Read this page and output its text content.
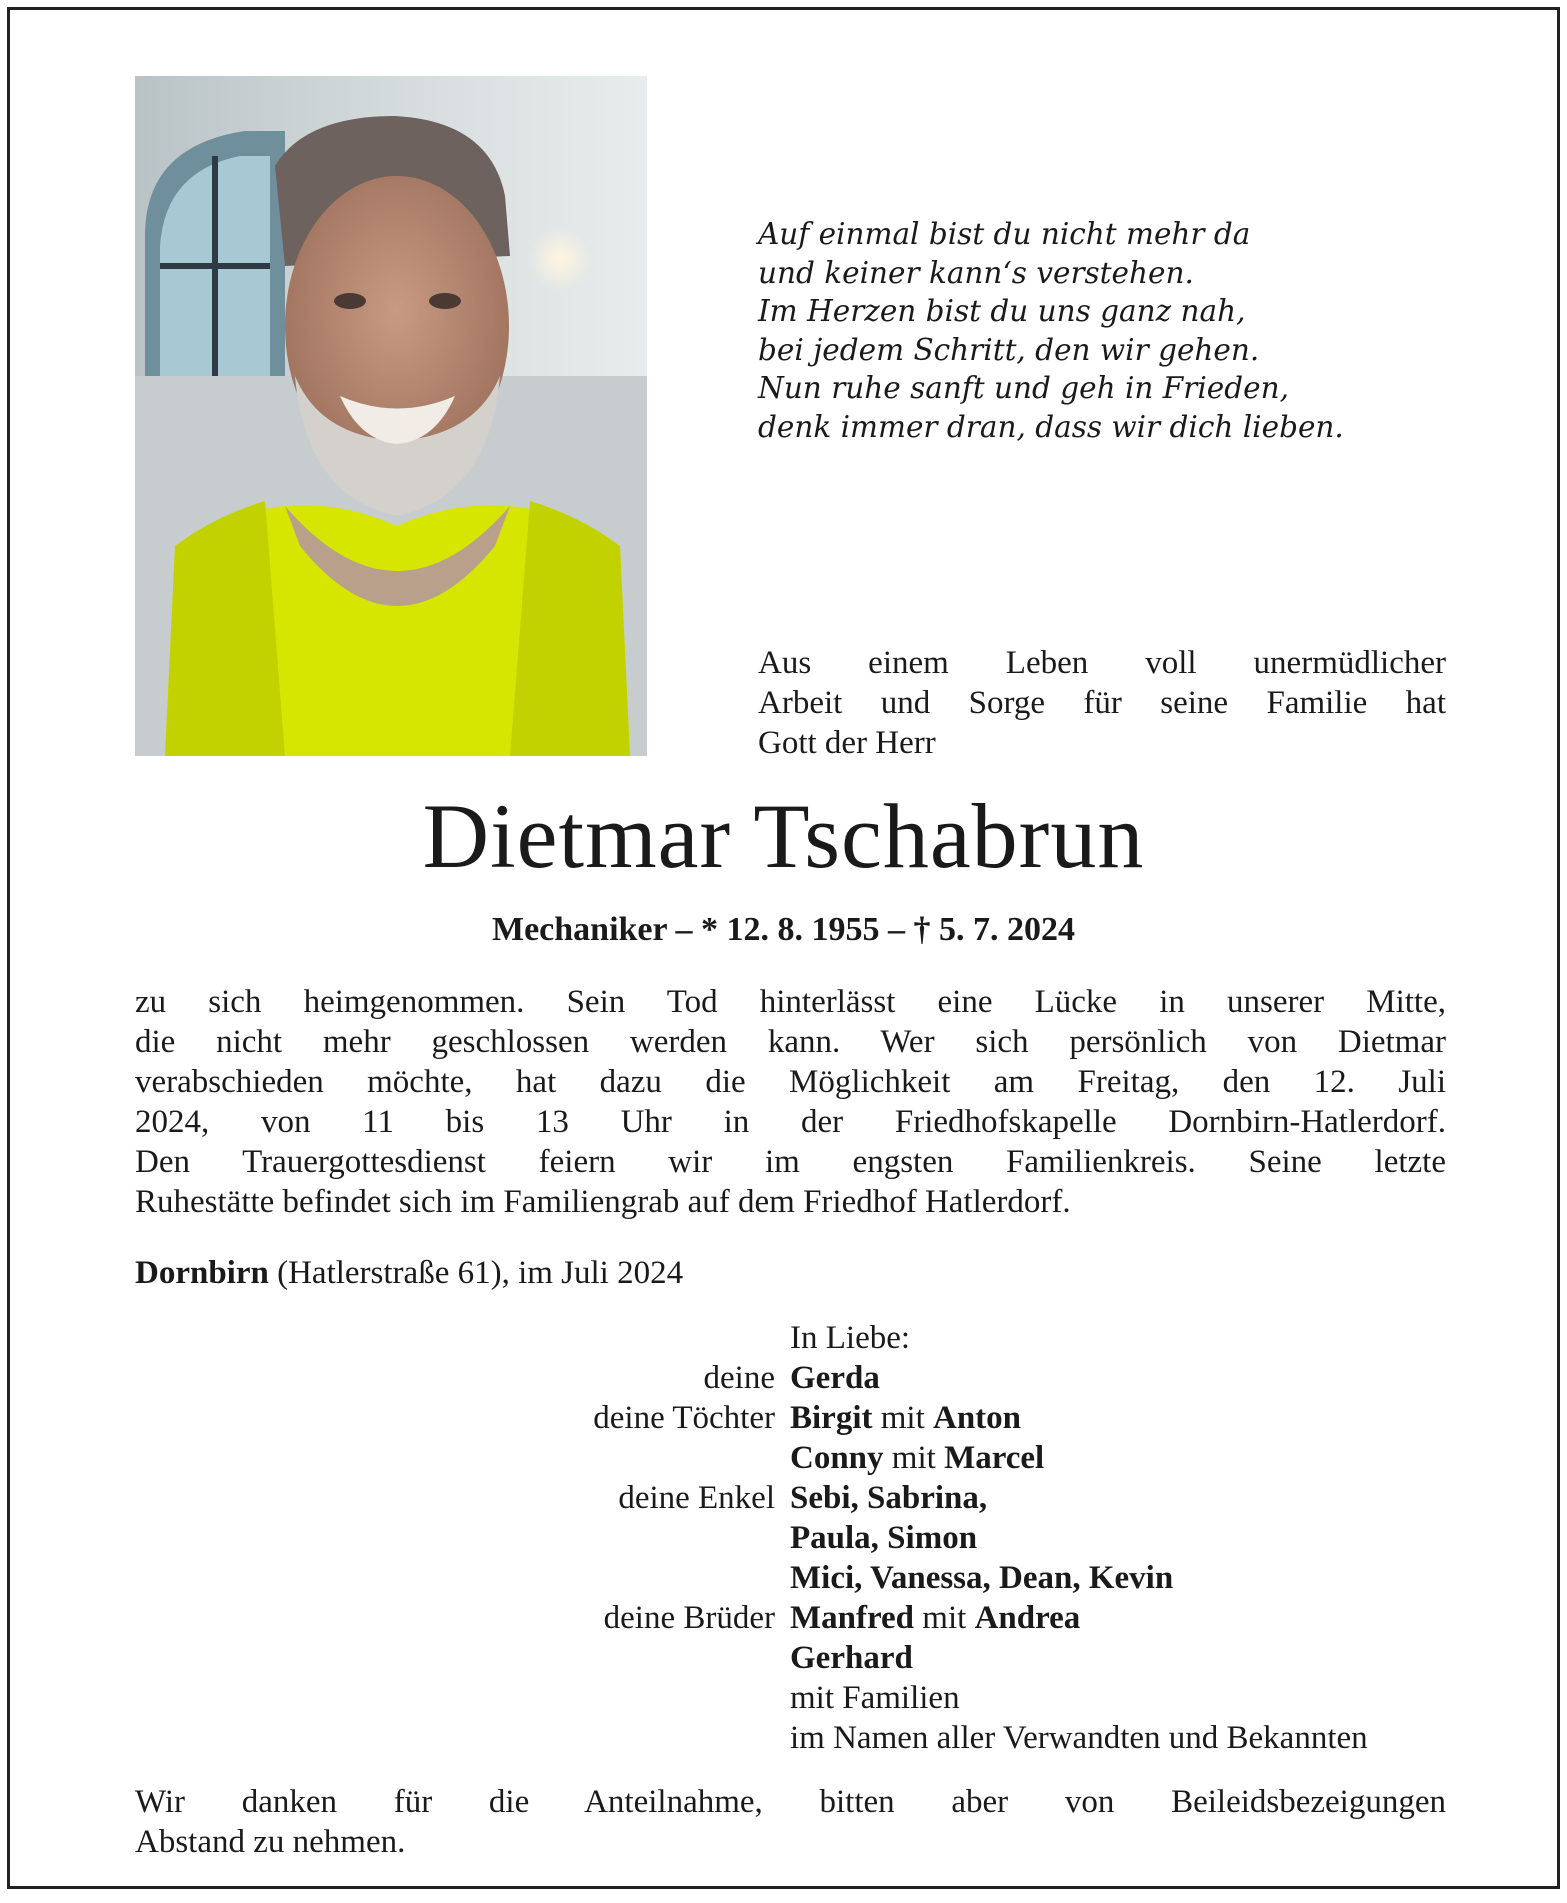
Auf einmal bist du nicht mehr da
und keiner kann‘s verstehen.
Im Herzen bist du uns ganz nah,
bei jedem Schritt, den wir gehen.
Nun ruhe sanft und geh in Frieden,
denk immer dran, dass wir dich lieben.
Aus einem Leben voll unermüdlicher
Arbeit und Sorge für seine Familie hat
Gott der Herr
Dietmar Tschabrun
Mechaniker – * 12. 8. 1955 – † 5. 7. 2024
zu sich heimgenommen. Sein Tod hinterlässt eine Lücke in unserer Mitte,
die nicht mehr geschlossen werden kann. Wer sich persönlich von Dietmar
verabschieden möchte, hat dazu die Möglichkeit am Freitag, den 12. Juli
2024, von 11 bis 13 Uhr in der Friedhofskapelle Dornbirn-Hatlerdorf.
Den Trauergottesdienst feiern wir im engsten Familienkreis. Seine letzte
Ruhestätte befindet sich im Familiengrab auf dem Friedhof Hatlerdorf.
Dornbirn (Hatlerstraße 61), im Juli 2024
In Liebe:
deine Gerda
deine Töchter Birgit mit Anton
Conny mit Marcel
deine Enkel Sebi, Sabrina,
Paula, Simon
Mici, Vanessa, Dean, Kevin
deine Brüder Manfred mit Andrea
Gerhard
mit Familien
im Namen aller Verwandten und Bekannten
Wir danken für die Anteilnahme, bitten aber von Beileidsbezeigungen
Abstand zu nehmen.
